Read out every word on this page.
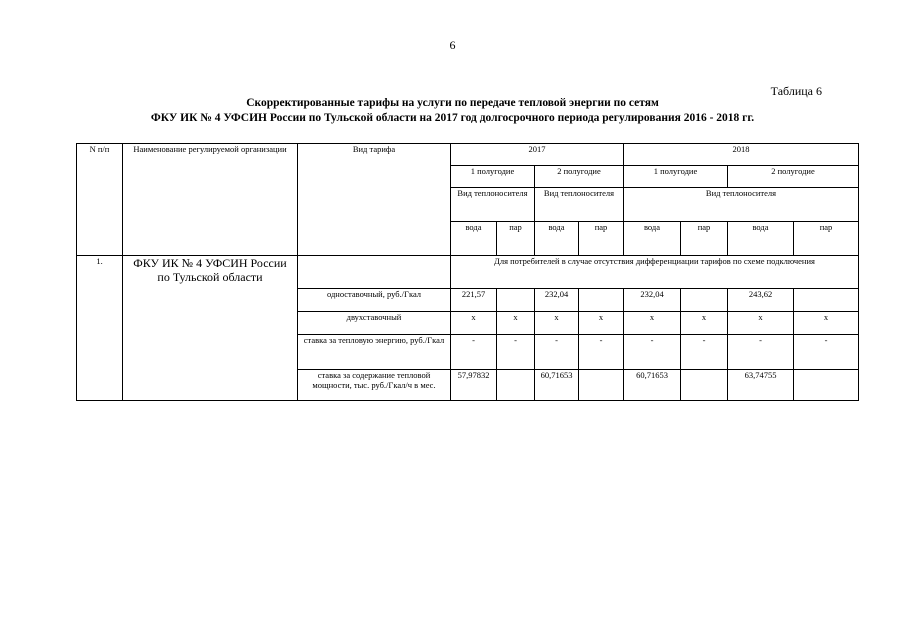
6
Таблица 6
Скорректированные тарифы на услуги по передаче тепловой энергии по сетям
ФКУ ИК № 4 УФСИН России по Тульской области на 2017 год долгосрочного периода регулирования 2016 - 2018 гг.
N п/п	Наименование регулируемой организации	Вид тарифа	2017				2018			
			1 полугодие		2 полугодие		1 полугодие		2 полугодие	
			Вид теплоносителя		Вид теплоносителя		Вид теплоносителя			
			вода	пар	вода	пар	вода	пар	вода	пар
1.	ФКУ ИК № 4 УФСИН России по Тульской области		Для потребителей в случае отсутствия дифференциации тарифов по схеме подключения							
		одноставочный, руб./Гкал	221,57		232,04		232,04		243,62	
		двухставочный	х	х	х	х	х	х	х	х
		ставка за тепловую энергию, руб./Гкал	-	-	-	-	-	-	-	-
		ставка за содержание тепловой мощности, тыс. руб./Гкал/ч в мес.	57,97832		60,71653		60,71653		63,74755	
